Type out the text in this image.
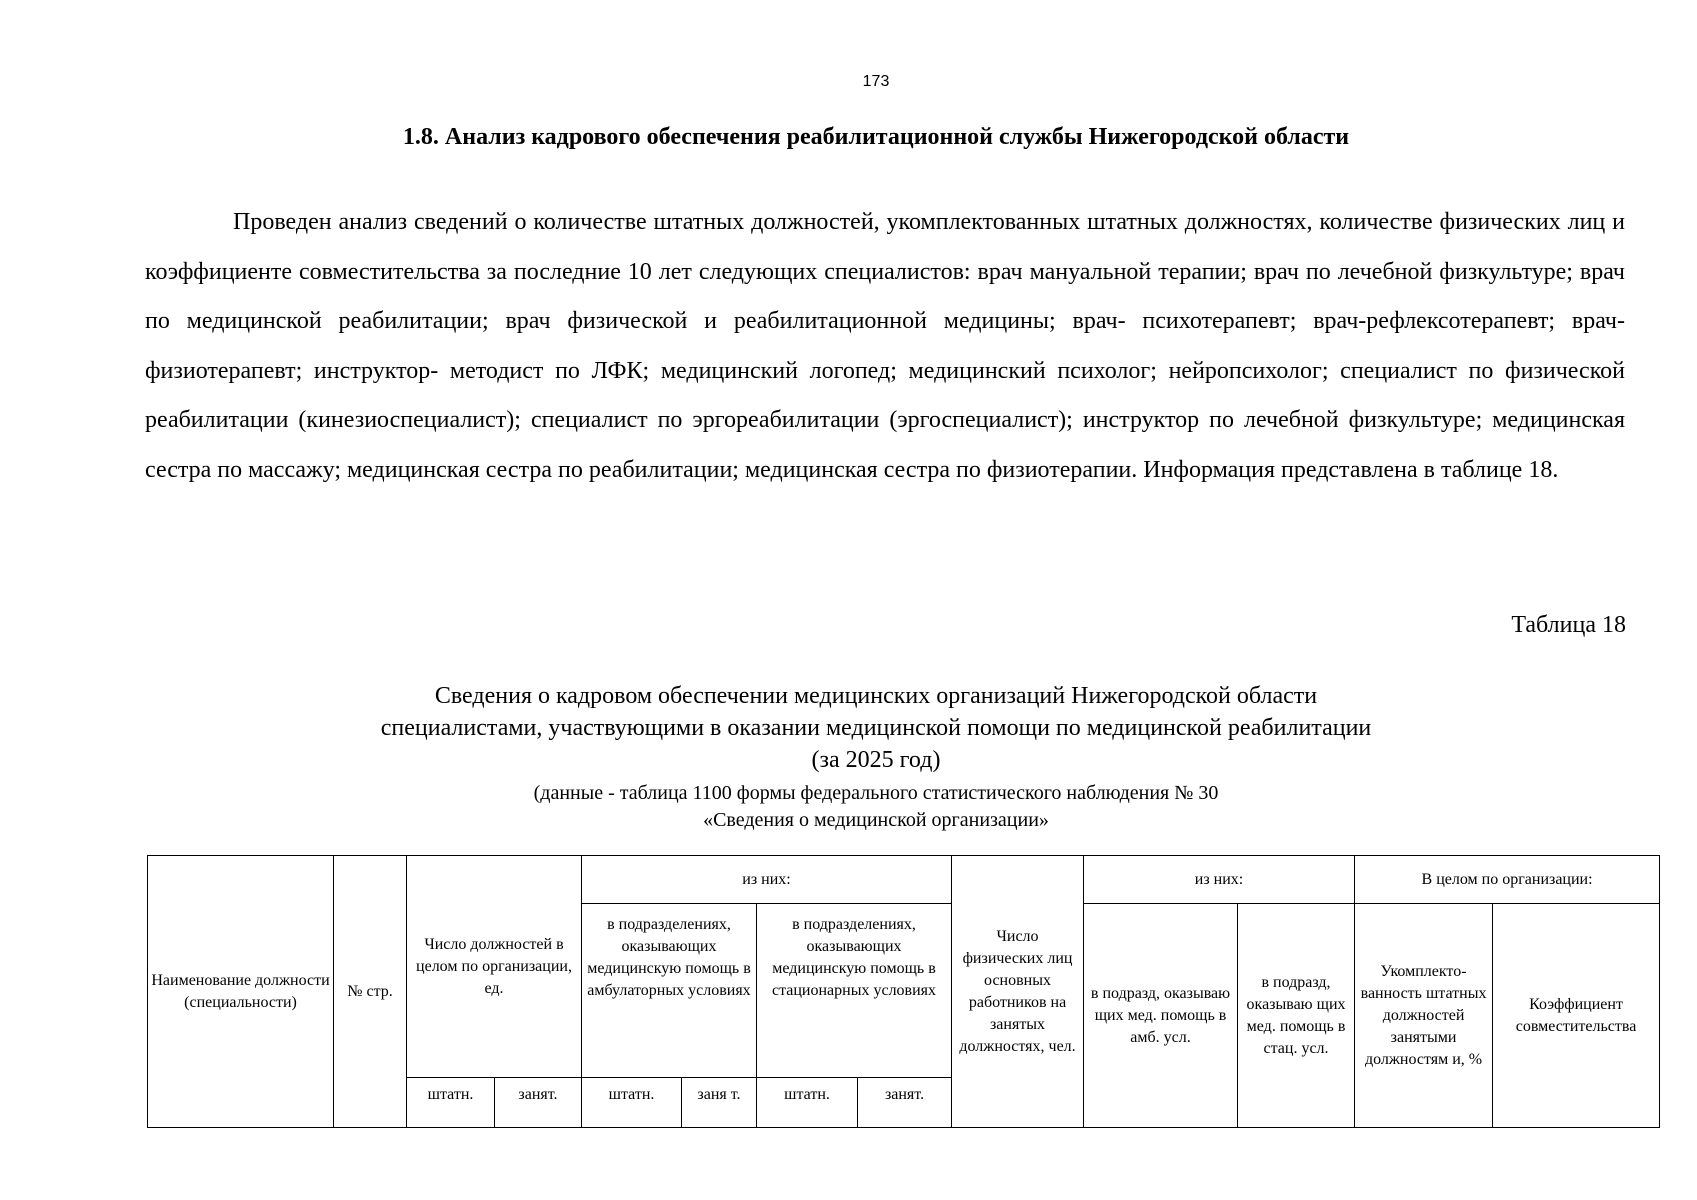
173
1.8. Анализ кадрового обеспечения реабилитационной службы Нижегородской области

Проведен анализ сведений о количестве штатных должностей, укомплектованных штатных должностях, количестве физических лиц и коэффициенте совместительства за последние 10 лет следующих специалистов: врач мануальной терапии; врач по лечебной физкультуре; врач по медицинской реабилитации; врач физической и реабилитационной медицины; врач- психотерапевт; врач-рефлексотерапевт; врач-физиотерапевт; инструктор- методист по ЛФК; медицинский логопед; медицинский психолог; нейропсихолог; специалист по физической реабилитации (кинезиоспециалист); специалист по эргореабилитации (эргоспециалист); инструктор по лечебной физкультуре; медицинская сестра по массажу; медицинская сестра по реабилитации; медицинская сестра по физиотерапии. Информация представлена в таблице 18.

Таблица 18
Сведения о кадровом обеспечении медицинских организаций Нижегородской области
специалистами, участвующими в оказании медицинской помощи по медицинской реабилитации
(за 2025 год)
(данные - таблица 1100 формы федерального статистического наблюдения № 30
«Сведения о медицинской организации»
Наименование должности (специальности)	№ стр.	Число должностей в целом по организации, ед.		из них:				Число физических лиц основных работников на занятых должностях, чел.	из них:		В целом по организации:	
				в подразделениях, оказывающих медицинскую помощь в амбулаторных условиях		в подразделениях, оказывающих медицинскую помощь в стационарных условиях			в подразд, оказываю щих мед. помощь в амб. усл.	в подразд, оказываю щих мед. помощь в стац. усл.	Укомплекто-ванность штатных должностей занятыми должностям и, %	Коэффициент совместительства
		штатн.	занят.	штатн.	заня т.	штатн.	занят.					
